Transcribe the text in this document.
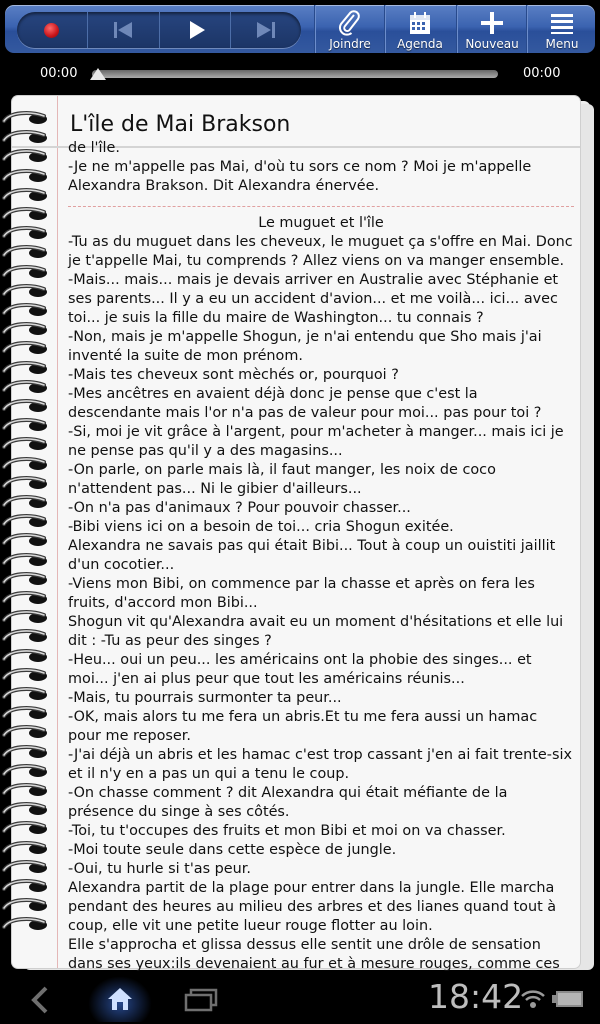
Joindre	Agenda	Nouveau	Menu
00:00	00:00
L'île de Mai Brakson

de l'île.

-Je ne m'appelle pas Mai, d'où tu sors ce nom ? Moi je m'appelle Alexandra Brakson. Dit Alexandra énervée.

Le muguet et l'île

-Tu as du muguet dans les cheveux, le muguet ça s'offre en Mai. Donc je t'appelle Mai, tu comprends ? Allez viens on va manger ensemble.

-Mais... mais... mais je devais arriver en Australie avec Stéphanie et ses parents... Il y a eu un accident d'avion... et me voilà... ici... avec toi... je suis la fille du maire de Washington... tu connais ?

-Non, mais je m'appelle Shogun, je n'ai entendu que Sho mais j'ai inventé la suite de mon prénom.

-Mais tes cheveux sont mèchés or, pourquoi ?

-Mes ancêtres en avaient déjà donc je pense que c'est la descendante mais l'or n'a pas de valeur pour moi... pas pour toi ?

-Si, moi je vit grâce à l'argent, pour m'acheter à manger... mais ici je ne pense pas qu'il y a des magasins...

-On parle, on parle mais là, il faut manger, les noix de coco n'attendent pas... Ni le gibier d'ailleurs...

-On n'a pas d'animaux ? Pour pouvoir chasser...

-Bibi viens ici on a besoin de toi... cria Shogun exitée.

Alexandra ne savais pas qui était Bibi... Tout à coup un ouistiti jaillit d'un cocotier...

-Viens mon Bibi, on commence par la chasse et après on fera les fruits, d'accord mon Bibi...

Shogun vit qu'Alexandra avait eu un moment d'hésitations et elle lui dit : -Tu as peur des singes ?

-Heu... oui un peu... les américains ont la phobie des singes... et moi... j'en ai plus peur que tout les américains réunis...

-Mais, tu pourrais surmonter ta peur...

-OK, mais alors tu me fera un abris.Et tu me fera aussi un hamac pour me reposer.

-J'ai déjà un abris et les hamac c'est trop cassant j'en ai fait trente-six et il n'y en a pas un qui a tenu le coup.

-On chasse comment ? dit Alexandra qui était méfiante de la présence du singe à ses côtés.

-Toi, tu t'occupes des fruits et mon Bibi et moi on va chasser.

-Moi toute seule dans cette espèce de jungle.

-Oui, tu hurle si t'as peur.

Alexandra partit de la plage pour entrer dans la jungle. Elle marcha pendant des heures au milieu des arbres et des lianes quand tout à coup, elle vit une petite lueur rouge flotter au loin.

Elle s'approcha et glissa dessus elle sentit une drôle de sensation dans ses yeux:ils devenaient au fur et à mesure rouges, comme ces

18:42
